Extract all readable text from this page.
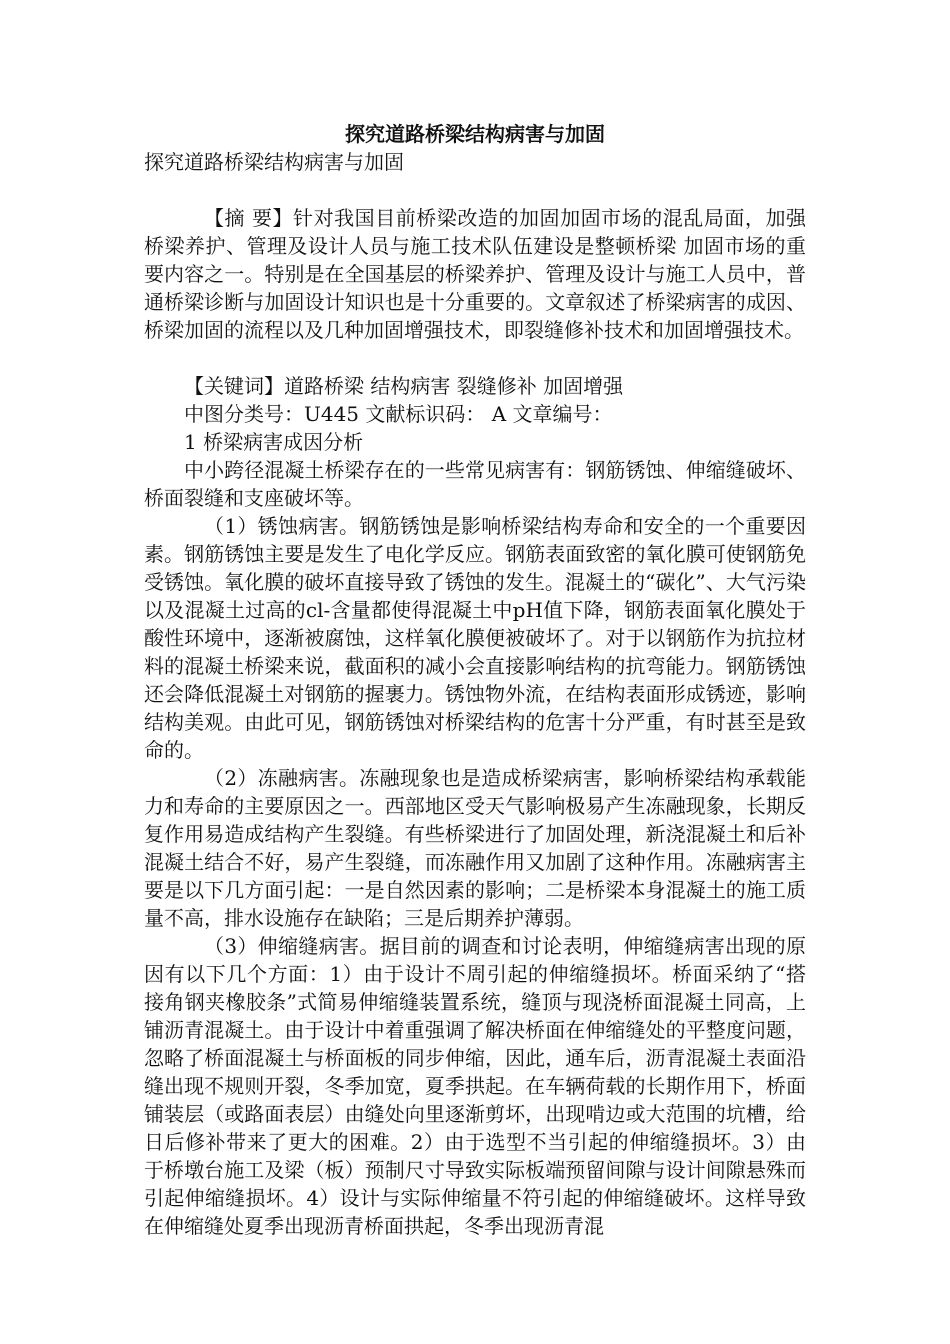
探究道路桥梁结构病害与加固
探究道路桥梁结构病害与加固

【摘 要】针对我国目前桥梁改造的加固加固市场的混乱局面，加强桥梁养护、管理及设计人员与施工技术队伍建设是整顿桥梁 加固市场的重要内容之一。特别是在全国基层的桥梁养护、管理及设计与施工人员中，普通桥梁诊断与加固设计知识也是十分重要的。文章叙述了桥梁病害的成因、桥梁加固的流程以及几种加固增强技术，即裂缝修补技术和加固增强技术。

【关键词】道路桥梁 结构病害 裂缝修补 加固增强
中图分类号：U445 文献标识码： A 文章编号：
1 桥梁病害成因分析

中小跨径混凝土桥梁存在的一些常见病害有：钢筋锈蚀、伸缩缝破坏、桥面裂缝和支座破坏等。

（1）锈蚀病害。钢筋锈蚀是影响桥梁结构寿命和安全的一个重要因素。钢筋锈蚀主要是发生了电化学反应。钢筋表面致密的氧化膜可使钢筋免受锈蚀。氧化膜的破坏直接导致了锈蚀的发生。混凝土的“碳化”、大气污染以及混凝土过高的cl-含量都使得混凝土中pH值下降，钢筋表面氧化膜处于酸性环境中，逐渐被腐蚀，这样氧化膜便被破坏了。对于以钢筋作为抗拉材料的混凝土桥梁来说，截面积的减小会直接影响结构的抗弯能力。钢筋锈蚀还会降低混凝土对钢筋的握裹力。锈蚀物外流，在结构表面形成锈迹，影响结构美观。由此可见，钢筋锈蚀对桥梁结构的危害十分严重，有时甚至是致命的。

（2）冻融病害。冻融现象也是造成桥梁病害，影响桥梁结构承载能力和寿命的主要原因之一。西部地区受天气影响极易产生冻融现象，长期反复作用易造成结构产生裂缝。有些桥梁进行了加固处理，新浇混凝土和后补混凝土结合不好，易产生裂缝，而冻融作用又加剧了这种作用。冻融病害主要是以下几方面引起：一是自然因素的影响；二是桥梁本身混凝土的施工质量不高，排水设施存在缺陷；三是后期养护薄弱。

（3）伸缩缝病害。据目前的调查和讨论表明，伸缩缝病害出现的原因有以下几个方面：1）由于设计不周引起的伸缩缝损坏。桥面采纳了“搭接角钢夹橡胶条”式简易伸缩缝装置系统，缝顶与现浇桥面混凝土同高，上铺沥青混凝土。由于设计中着重强调了解决桥面在伸缩缝处的平整度问题，忽略了桥面混凝土与桥面板的同步伸缩，因此，通车后，沥青混凝土表面沿缝出现不规则开裂，冬季加宽，夏季拱起。在车辆荷载的长期作用下，桥面铺装层（或路面表层）由缝处向里逐渐剪坏，出现啃边或大范围的坑槽，给日后修补带来了更大的困难。2）由于选型不当引起的伸缩缝损坏。3）由于桥墩台施工及梁（板）预制尺寸导致实际板端预留间隙与设计间隙悬殊而引起伸缩缝损坏。4）设计与实际伸缩量不符引起的伸缩缝破坏。这样导致在伸缩缝处夏季出现沥青桥面拱起，冬季出现沥青混
